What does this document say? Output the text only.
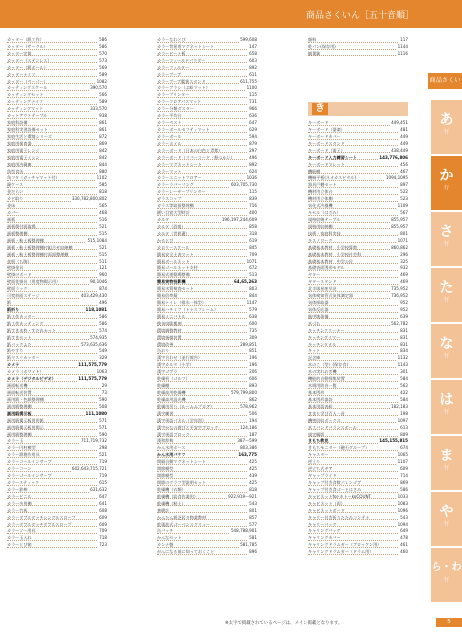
商品さくいん［五十音順］
商品さくいん
カッター（紙工作）	586
カッター（サークル）	586
カッター定規	570
カッター（ステンレス）	573
カッター（紙ボール）	569
カッターナイフ	589
カッター（ペーパー）	1082
カッティングスケール	390,570
カッティングセット	566
カッティングナイフ	589
カッティングマット	333,570
カットアウトテープル	938
家庭科設備	861
家庭科実習設備セット	861
家庭生活と環境シリーズ	872
家庭用保育器	869
家庭用電子レンジ	842
家庭用電子ミシン	842
家庭用冷蔵庫	844
角型食缶	880
角フタ（ガッチャマット付）	1102
鐘ケース	585
金だらい	818
カビ取り	330,782,800,802
金床	565
カバー	468
画板	516
画板傷付面取場	521
画板整理棚	515
画板・粘土板整理棚	515,1084
画板・粘土板整理棚付組合せ収納棚	521
画板・粘土板整理棚付両面整理棚	515
花瓶（ち陶）	511
壁掛金具	121
壁掛けボード	960
壁面花掛具（用度物掲示用）	90,1046
壁面ラック	874
可変斜面ステージ	403,429,430
紙	496
紙折り	118,1081
紙工作カッター	586
紙工作カッティング	586
紙すき木枠・すだれセット	574
紙すきセット	574,935
紙バックふた	573,635,636
紙やすり	549
紙ヤスリカッター	329
カメラ	111,575,779
カメラ（ホワイト）	1063
カメラ（デジタルビデオ）	111,575,779
画面転送機	29
画面転送装置	73
画用紙・色紙整理棚	590
画用紙整理棚	508
画用紙掲示板	111,1080
画用紙掲示板用用紙	571
画用紙掲示板用掲示	571
画用紙整理棚	590
カラー玉	711,719,732
カラー円柱模型	298
カラー紙創作用具	521
カラーコールインサーブ	719
カラーコーン	642,643,715,721
カラーゴールインサーブ	719
カラースティック	615
カラー鉄棒	631,632
カラービニル	647
カラー多用棚	641
カラー竹馬	608
カラーダブルダッチシングルスロープ	609
カラーダブルダッチダブルスロープ	609
カラーソー用具	709
カラー玉入れ	718
カラーとび箱	723
カラーなわとび	599,608
カラー背景用マグネットシート	147
カラービート板	658
カラーフィールドパウダー	603
カラーフィルター	892
カラーブーブ	611
カラーブーブ鑑賞スタンド	611,755
カラーブラシ（ぷ絵マット）	1100
カラープリンター	115
カラーフロアパスマット	731
カラー分類ダスター	966
カラー平均台	636
カラーペスト	647
カラーボールセフティマット	629
カラーボール	594
カラーホイル	879
カラーボード（日本の白色と青紫）	297
カラーボード（リバーコード・粉つかい）	496
カラーマグネットシート	892
カラーマット	624
カラーユニットフロアー	1036
カラーラバーリング	603,705,730
カラーレーザープリンター	115
ガラスコップ	839
ガラス等取扱整理棚	716
緩い目覚大型時計	400
カルタ	196,197,244,609
カルタ（恐竜）	858
カルタ（世界遺）	318
かるとび	619
カロリースケール	845
簡易安全土表マット	709
簡易ボールネット	1071
簡易ゴールネット支柱	672
簡易式運動場整備	513
簡易実物投影機	64,65,263
簡易水質検査セット	803
簡易倍率鏡	844
簡易トイレ（排水一体型）	1147
簡易ハチミツ（トナスフレーム）	579
簡易ミニバトル	638
換気扇除塵剤	600
環境調整教材	735
環境指標装置	309
環境改善	289,851
缶おり	851
漢字合わせ（並行報告）	196
漢字カルタ（小学）	196
漢字ゴブラ	206
乾燥机（ゴルフ）	606
乾燥棚	893
乾燥高用乾燥機	579,799,800
乾燥高用温光機	862
乾燥用吊り（ルームムプロア）	578,962
漢字練習	506
漢字単語パネル（学年別）	194
漢字かなの遊びと平安字ブロック	124,186
漢字単語ブロック	187
漢和辞典	387〜599
かん水用ホース	803,386
かん水用バケツ	163,775
間隔自動マグネットシート	425
関節模型	425
関節模型	439
関節のグラフ型説明セット	425
乾燥機（衣類）	818
乾燥機（給食作業用）	922,919〜921
乾燥機（粘土）	543
寒暖計	801
かんたん紙芝居タ物業教材	857
乾電池式ゴーベンスクリュー	577
缶バッチ	548,788,901
かんなセット	581
カンナ盤	581,785
がんになる前に知っておくこと	896
顔料	117
乾パン(保存用)	1144
観葉鉢	1116
キーボード	449,451
キーボード（器楽）	481
キーボードカバー	449
キーボードスタンド	449
キーボード（電子）	438,449
キーボード入力練習シート	143,776,806
キーボードマレット	456
機能棚	467
機械平板(ネオカスビタル)	1094,1095
器具戸棚セット	897
機材用立体台	522
機材用立体棚	523
気化式冷風機	1109
キセル（はさみ）	567
規格収納テーブル	855,957
規格用収納棚	855,957
技術・家庭科実技	801
キスノワーク	1071
基礎基本教材　小学校算数	860,862
基礎基本教材　小学校社会科	296
基礎基本教材　中学公民	325
基礎表面図形モデル	932
ギター	469
ギタースタンド	469
北半球星座早見	735,952
気体検知管式気体測定器	736,952
気体採取器	952
気体反応器	952
亀甲地球儀	639
木づち	562,782
キッチンクリーナー	831
キッチンダイマー	831
キッチンタオル	831
キット	834
記念庫	1132
木のこ（型）(保存食)	1143
木の実れおぎ機	301
機能的自動採集装置	584
木場用防音一覧	562
基本図形	422
基本図形器設	584
基本用語表絵	182,183
きまり学び百人一首	198
機密回収ボックス	1097
木工バンドバランスボール	613
規定撮影	809
きもち教見	145,155,815
きもちモニター（磁石グループ）	674
キャスター	1065
逆上り	1107
逆立ち式ギア	609
ギャップライド	714
キャップ付き食数パレンゴブ	869
キャップ付き食ゴーヒはさみ	586
キャビネットfor-カトーkoCOUNT	1033
キャビネット（両）	1083
キャビネットボード	1096
キャリー付き折りたたみコンテナ	543
キャリーバッグ	1094
キャリングバッグ	649
キャリングカバー	478
キャリングドラムガー（ブロッケン用）	461
キャリングドラムガー（ドラム用）	460
き
あ
行
か
行
さ
行
た
行
な
行
は
行
ま
行
や
行
ら・わ
行
※太字で掲載されているページは、メイン掲載となります。	5
